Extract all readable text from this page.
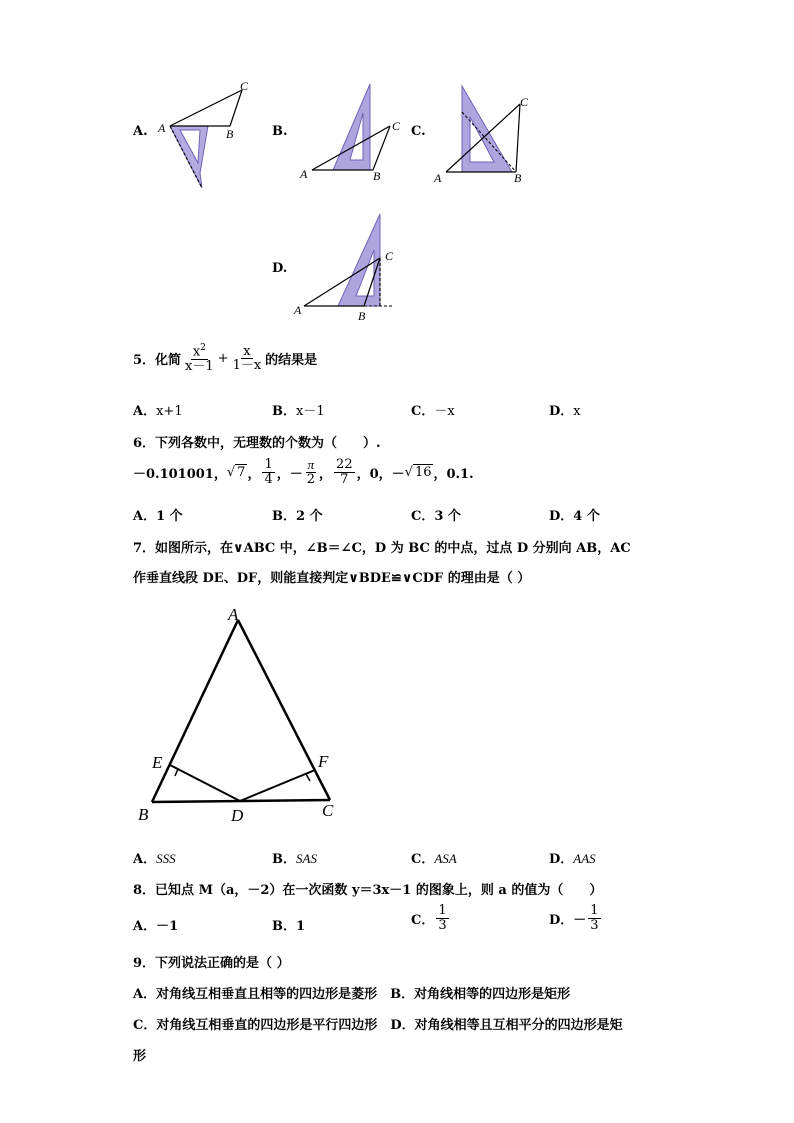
A. A	B
C
B.
A	B
C C.
A	B
C
D.
A	B
C
5．化简 $\frac{x^2}{x-1} + \frac{x}{1-x}$ 的结果是
A．x+1	B．x－1	C．－x	D．x
6．下列各数中，无理数的个数为（　　）.
－0.101001， √ 7 ， $\frac{1}{4}$ ，－ $\frac{\pi}{2}$ ， $\frac{22}{7}$ ，0，－ √ 16 ，0.1.
A．1 个	B．2 个	C．3 个	D．4 个
7．如图所示，在∨ABC 中，∠B＝∠C，D 为 BC 的中点，过点 D 分别向 AB，AC
作垂直线段 DE、DF，则能直接判定∨BDE≌∨CDF 的理由是（ ）
A
B	C
D
E	F
A．SSS	B．SAS	C．ASA	D．AAS
8．已知点 M（a，－2）在一次函数 y＝3x－1 的图象上，则 a 的值为（　　）
A．－1	B．1	C． $\frac{1}{3}$	D． － $\frac{1}{3}$
9．下列说法正确的是（ ）
A．对角线互相垂直且相等的四边形是菱形　B．对角线相等的四边形是矩形
C．对角线互相垂直的四边形是平行四边形　D．对角线相等且互相平分的四边形是矩
形
